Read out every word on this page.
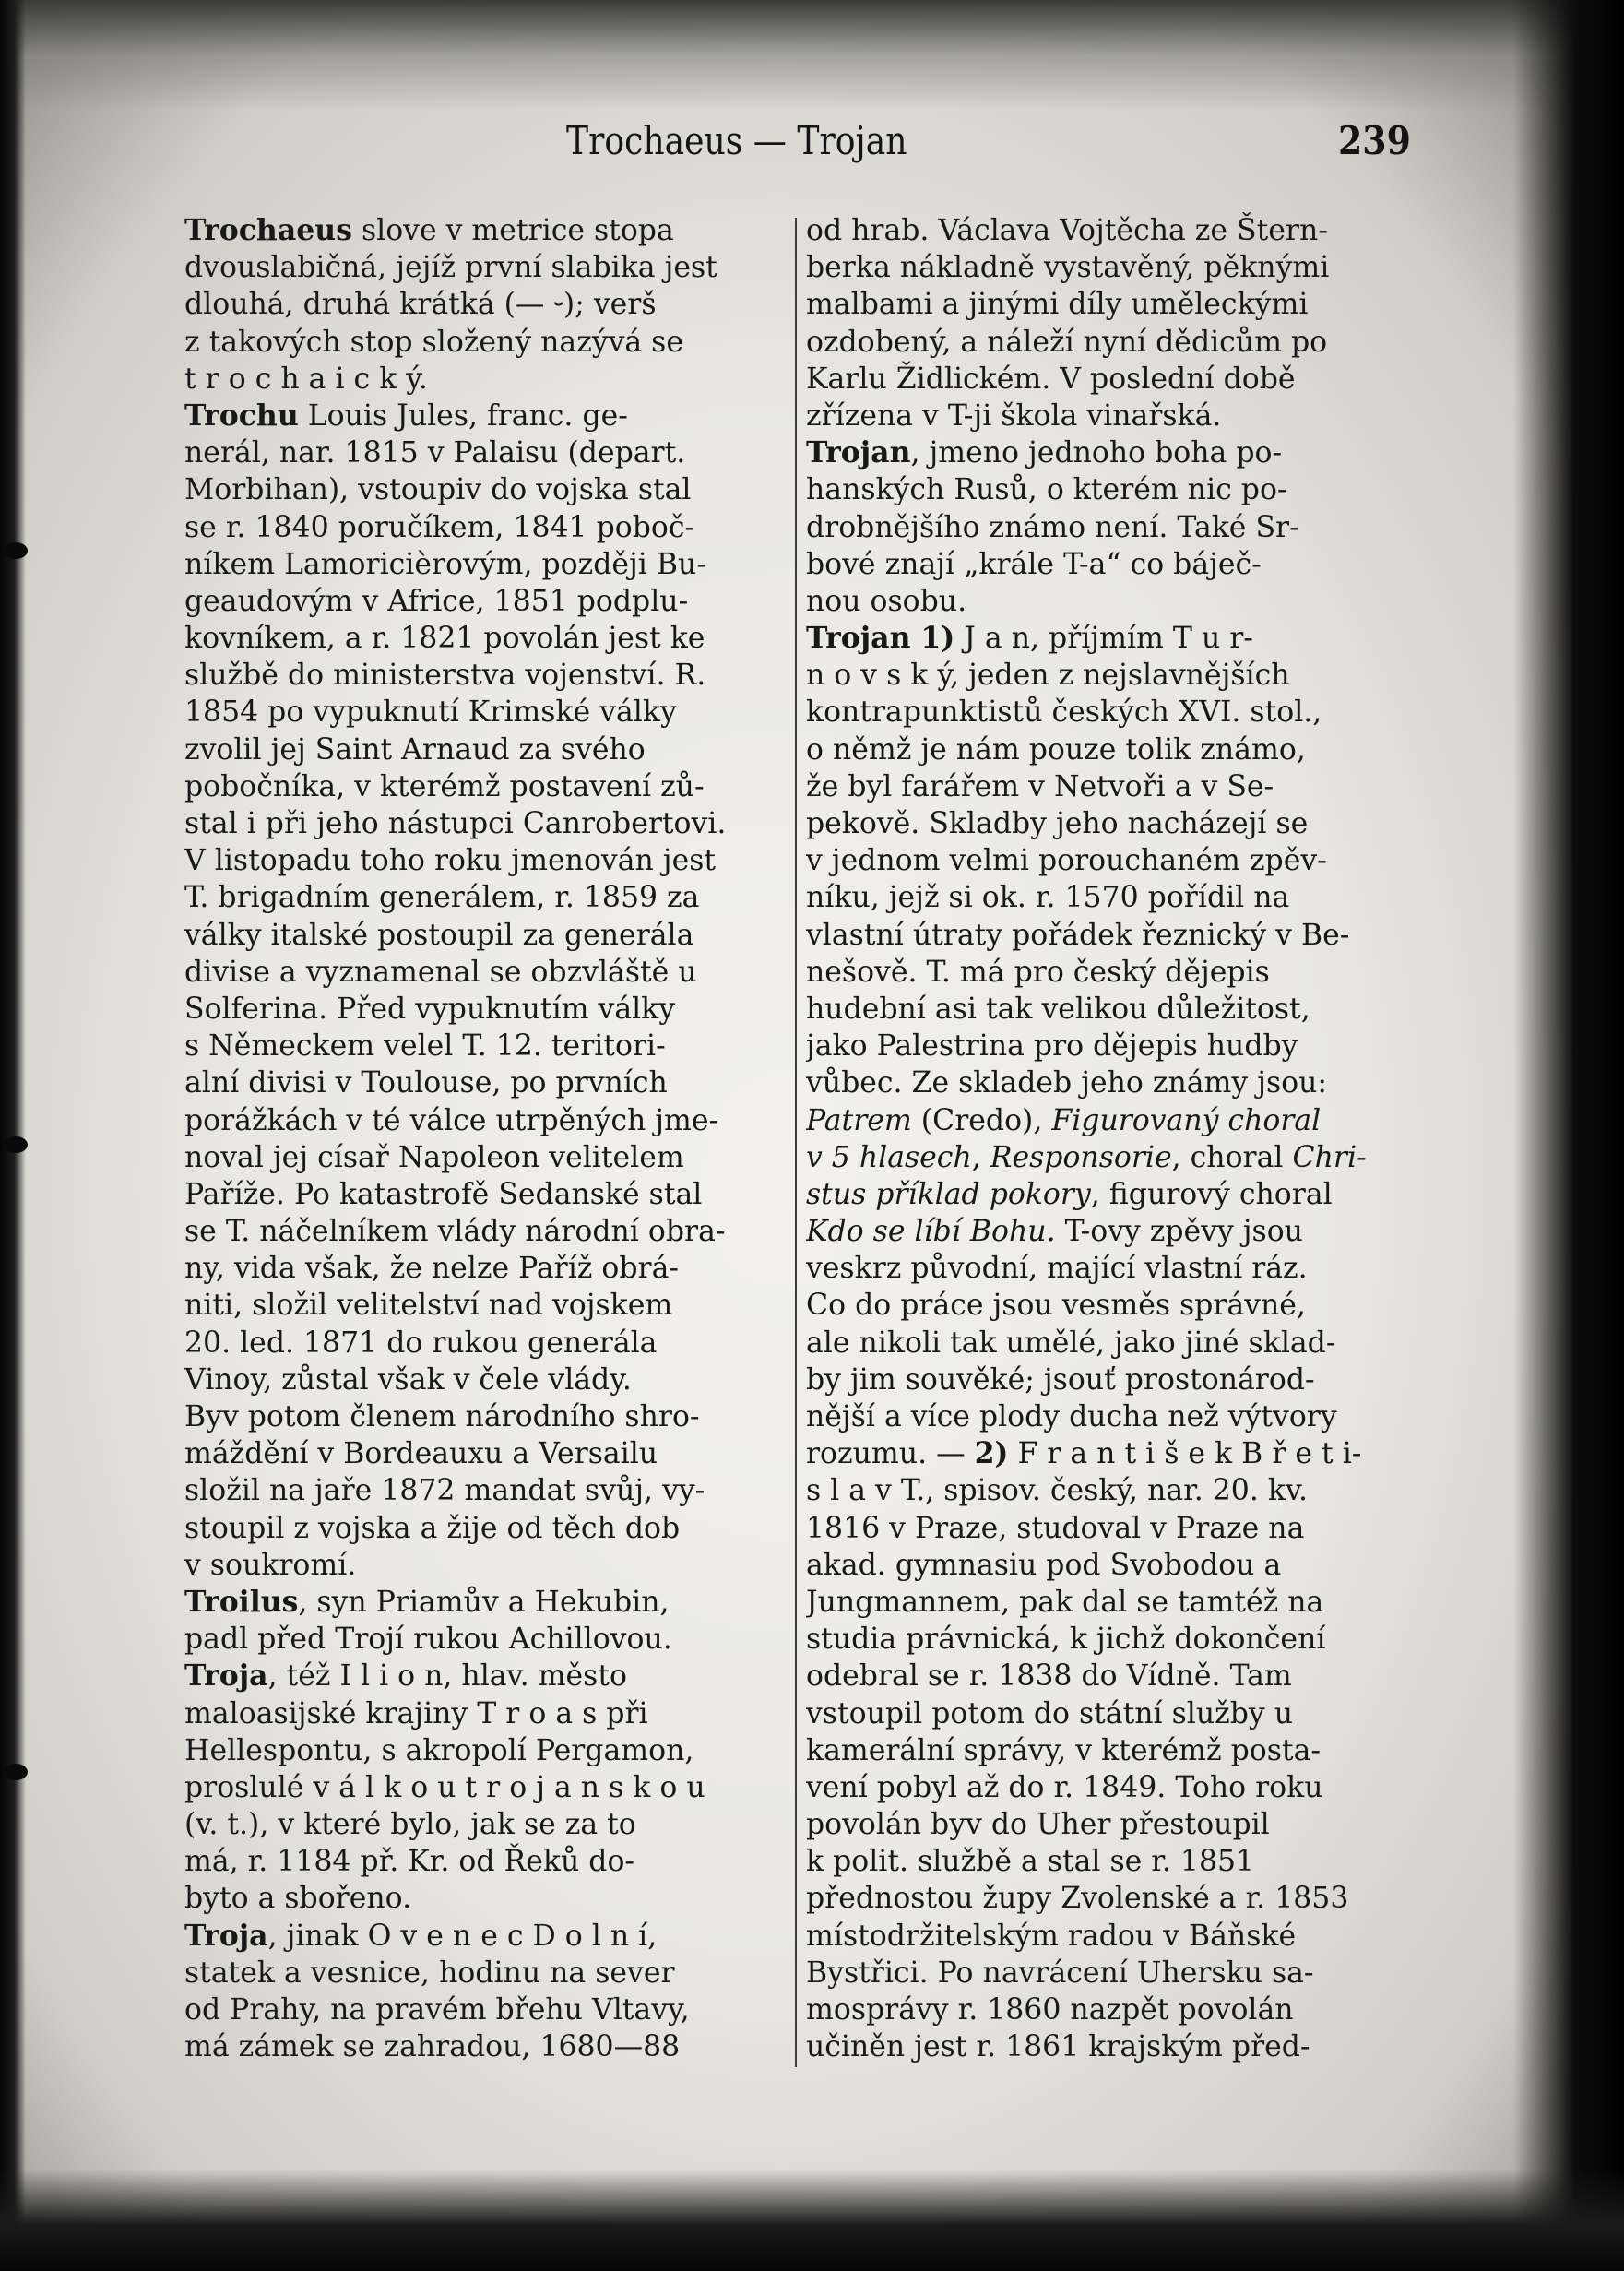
Trochaeus — Trojan	239
Trochaeus slove v metrice stopa
dvouslabičná, jejíž první slabika jest
dlouhá, druhá krátká (— ⏑); verš
z takových stop složený nazývá se
t r o c h a i c k ý.
Trochu Louis Jules, franc. ge-
nerál, nar. 1815 v Palaisu (depart.
Morbihan), vstoupiv do vojska stal
se r. 1840 poručíkem, 1841 poboč-
níkem Lamoricièrovým, později Bu-
geaudovým v Africe, 1851 podplu-
kovníkem, a r. 1821 povolán jest ke
službě do ministerstva vojenství. R.
1854 po vypuknutí Krimské války
zvolil jej Saint Arnaud za svého
pobočníka, v kterémž postavení zů-
stal i při jeho nástupci Canrobertovi.
V listopadu toho roku jmenován jest
T. brigadním generálem, r. 1859 za
války italské postoupil za generála
divise a vyznamenal se obzvláště u
Solferina. Před vypuknutím války
s Německem velel T. 12. teritori-
alní divisi v Toulouse, po prvních
porážkách v té válce utrpěných jme-
noval jej císař Napoleon velitelem
Paříže. Po katastrofě Sedanské stal
se T. náčelníkem vlády národní obra-
ny, vida však, že nelze Paříž obrá-
niti, složil velitelství nad vojskem
20. led. 1871 do rukou generála
Vinoy, zůstal však v čele vlády.
Byv potom členem národního shro-
máždění v Bordeauxu a Versailu
složil na jaře 1872 mandat svůj, vy-
stoupil z vojska a žije od těch dob
v soukromí.
Troilus, syn Priamův a Hekubin,
padl před Trojí rukou Achillovou.
Troja, též I l i o n, hlav. město
maloasijské krajiny T r o a s při
Hellespontu, s akropolí Pergamon,
proslulé v á l k o u t r o j a n s k o u
(v. t.), v které bylo, jak se za to
má, r. 1184 př. Kr. od Řeků do-
byto a sbořeno.
Troja, jinak O v e n e c D o l n í,
statek a vesnice, hodinu na sever
od Prahy, na pravém břehu Vltavy,
má zámek se zahradou, 1680—88
od hrab. Václava Vojtěcha ze Štern-
berka nákladně vystavěný, pěknými
malbami a jinými díly uměleckými
ozdobený, a náleží nyní dědicům po
Karlu Židlickém. V poslední době
zřízena v T-ji škola vinařská.
Trojan, jmeno jednoho boha po-
hanských Rusů, o kterém nic po-
drobnějšího známo není. Také Sr-
bové znají „krále T-a“ co báječ-
nou osobu.
Trojan 1) J a n, příjmím T u r-
n o v s k ý, jeden z nejslavnějších
kontrapunktistů českých XVI. stol.,
o němž je nám pouze tolik známo,
že byl farářem v Netvoři a v Se-
pekově. Skladby jeho nacházejí se
v jednom velmi porouchaném zpěv-
níku, jejž si ok. r. 1570 pořídil na
vlastní útraty pořádek řeznický v Be-
nešově. T. má pro český dějepis
hudební asi tak velikou důležitost,
jako Palestrina pro dějepis hudby
vůbec. Ze skladeb jeho známy jsou:
Patrem (Credo), Figurovaný choral
v 5 hlasech, Responsorie, choral Chri-
stus příklad pokory, figurový choral
Kdo se líbí Bohu. T-ovy zpěvy jsou
veskrz původní, mající vlastní ráz.
Co do práce jsou vesměs správné,
ale nikoli tak umělé, jako jiné sklad-
by jim souvěké; jsouť prostonárod-
nější a více plody ducha než výtvory
rozumu. — 2) F r a n t i š e k B ř e t i-
s l a v T., spisov. český, nar. 20. kv.
1816 v Praze, studoval v Praze na
akad. gymnasiu pod Svobodou a
Jungmannem, pak dal se tamtéž na
studia právnická, k jichž dokončení
odebral se r. 1838 do Vídně. Tam
vstoupil potom do státní služby u
kamerální správy, v kterémž posta-
vení pobyl až do r. 1849. Toho roku
povolán byv do Uher přestoupil
k polit. službě a stal se r. 1851
přednostou župy Zvolenské a r. 1853
místodržitelským radou v Báňské
Bystřici. Po navrácení Uhersku sa-
mosprávy r. 1860 nazpět povolán
učiněn jest r. 1861 krajským před-
